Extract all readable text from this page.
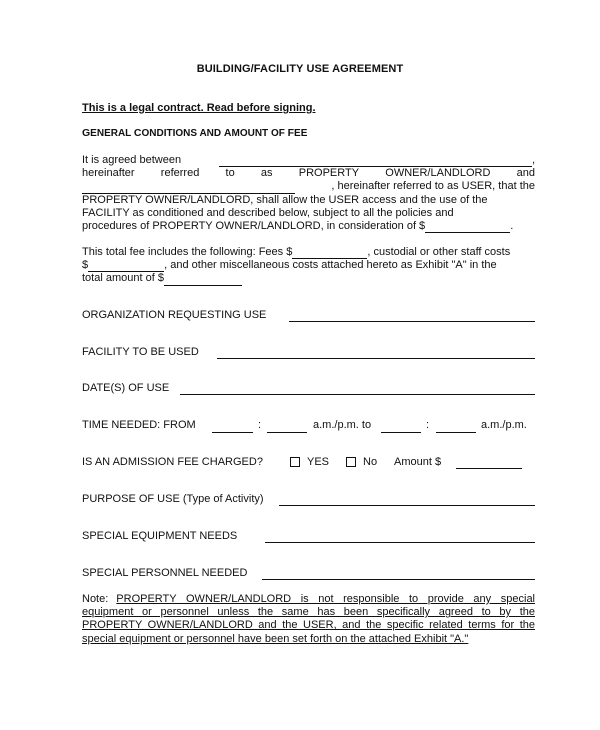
BUILDING/FACILITY USE AGREEMENT
This is a legal contract. Read before signing.
GENERAL CONDITIONS AND AMOUNT OF FEE
It is agreed between	,
hereinafter referred to as PROPERTY OWNER/LANDLORD and
, hereinafter referred to as USER, that the
PROPERTY OWNER/LANDLORD, shall allow the USER access and the use of the
FACILITY as conditioned and described below, subject to all the policies and
procedures of PROPERTY OWNER/LANDLORD, in consideration of $	.
This total fee includes the following: Fees $	, custodial or other staff costs
$	, and other miscellaneous costs attached hereto as Exhibit "A" in the
total amount of $
ORGANIZATION REQUESTING USE
FACILITY TO BE USED
DATE(S) OF USE
TIME NEEDED: FROM	:	a.m./p.m. to	:	a.m./p.m.
IS AN ADMISSION FEE CHARGED?	YES	No Amount $
PURPOSE OF USE (Type of Activity)
SPECIAL EQUIPMENT NEEDS
SPECIAL PERSONNEL NEEDED
Note: PROPERTY OWNER/LANDLORD is not responsible to provide any special
equipment or personnel unless the same has been specifically agreed to by the
PROPERTY OWNER/LANDLORD and the USER, and the specific related terms for the
special equipment or personnel have been set forth on the attached Exhibit "A."
